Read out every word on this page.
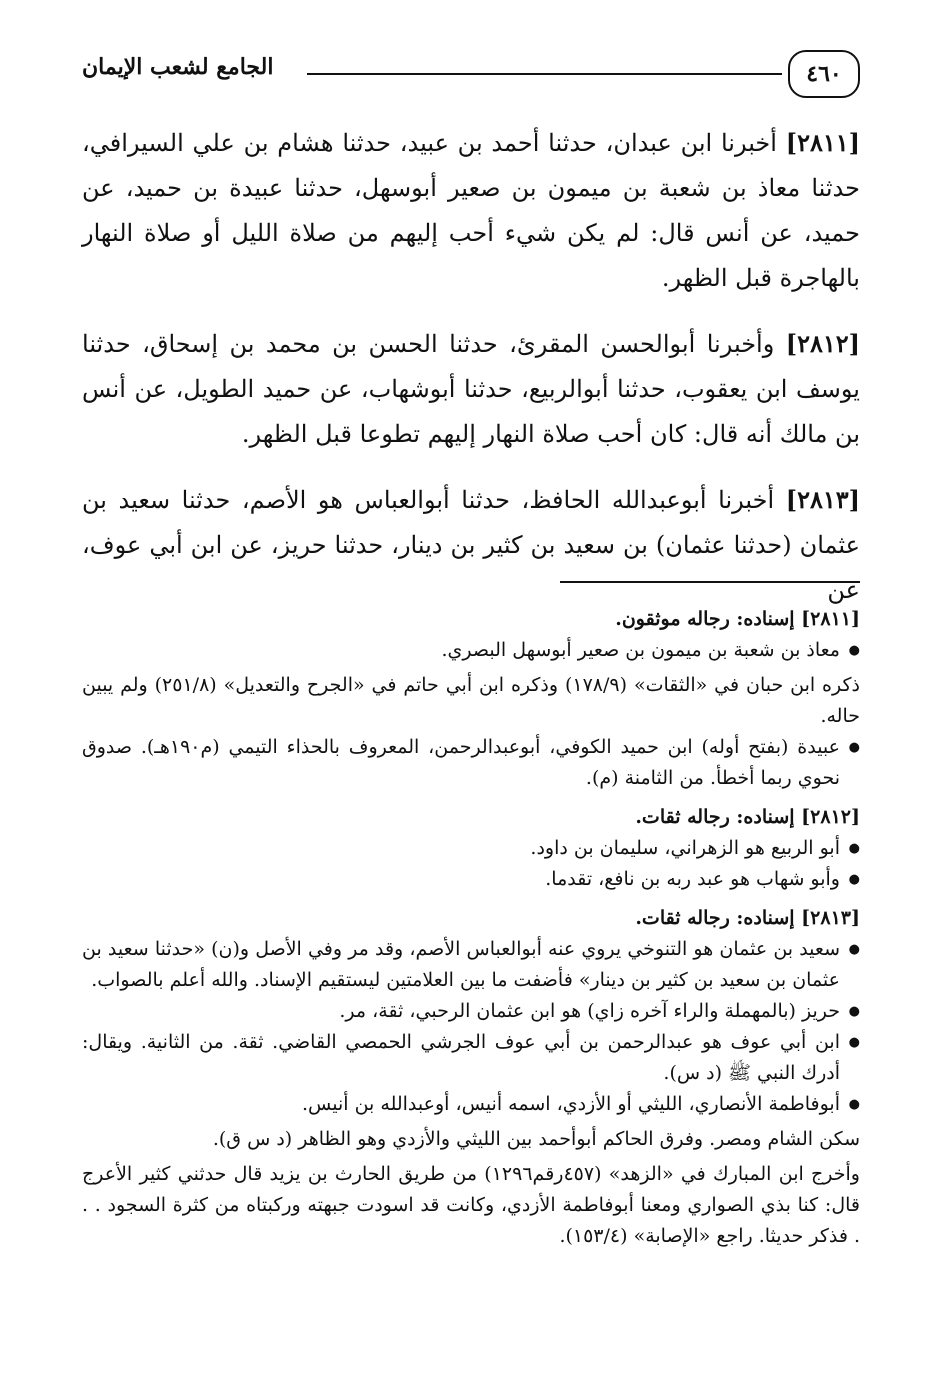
٤٦٠
الجامع لشعب الإيمان

[٢٨١١] أخبرنا ابن عبدان، حدثنا أحمد بن عبيد، حدثنا هشام بن علي السيرافي، حدثنا معاذ بن شعبة بن ميمون بن صعير أبوسهل، حدثنا عبيدة بن حميد، عن حميد، عن أنس قال: لم يكن شيء أحب إليهم من صلاة الليل أو صلاة النهار بالهاجرة قبل الظهر.

[٢٨١٢] وأخبرنا أبوالحسن المقرئ، حدثنا الحسن بن محمد بن إسحاق، حدثنا يوسف ابن يعقوب، حدثنا أبوالربيع، حدثنا أبوشهاب، عن حميد الطويل، عن أنس بن مالك أنه قال: كان أحب صلاة النهار إليهم تطوعا قبل الظهر.

[٢٨١٣] أخبرنا أبوعبدالله الحافظ، حدثنا أبوالعباس هو الأصم، حدثنا سعيد بن عثمان (حدثنا عثمان) بن سعيد بن كثير بن دينار، حدثنا حريز، عن ابن أبي عوف، عن

[٢٨١١] إسناده: رجاله موثقون.

● معاذ بن شعبة بن ميمون بن صعير أبوسهل البصري.

ذكره ابن حبان في «الثقات» (١٧٨/٩) وذكره ابن أبي حاتم في «الجرح والتعديل» (٢٥١/٨) ولم يبين حاله.

● عبيدة (بفتح أوله) ابن حميد الكوفي، أبوعبدالرحمن، المعروف بالحذاء التيمي (م١٩٠هـ). صدوق نحوي ربما أخطأ. من الثامنة (م).

[٢٨١٢] إسناده: رجاله ثقات.

● أبو الربيع هو الزهراني، سليمان بن داود.

● وأبو شهاب هو عبد ربه بن نافع، تقدما.

[٢٨١٣] إسناده: رجاله ثقات.

● سعيد بن عثمان هو التنوخي يروي عنه أبوالعباس الأصم، وقد مر وفي الأصل و(ن) «حدثنا سعيد بن عثمان بن سعيد بن كثير بن دينار» فأضفت ما بين العلامتين ليستقيم الإسناد. والله أعلم بالصواب.

● حريز (بالمهملة والراء آخره زاي) هو ابن عثمان الرحبي، ثقة، مر.

● ابن أبي عوف هو عبدالرحمن بن أبي عوف الجرشي الحمصي القاضي. ثقة. من الثانية. ويقال: أدرك النبي ﷺ (د س).

● أبوفاطمة الأنصاري، الليثي أو الأزدي، اسمه أنيس، أوعبدالله بن أنيس.

سكن الشام ومصر. وفرق الحاكم أبوأحمد بين الليثي والأزدي وهو الظاهر (د س ق).

وأخرج ابن المبارك في «الزهد» (٤٥٧رقم١٢٩٦) من طريق الحارث بن يزيد قال حدثني كثير الأعرج قال: كنا بذي الصواري ومعنا أبوفاطمة الأزدي، وكانت قد اسودت جبهته وركبتاه من كثرة السجود . . . فذكر حديثا. راجع «الإصابة» (١٥٣/٤).
